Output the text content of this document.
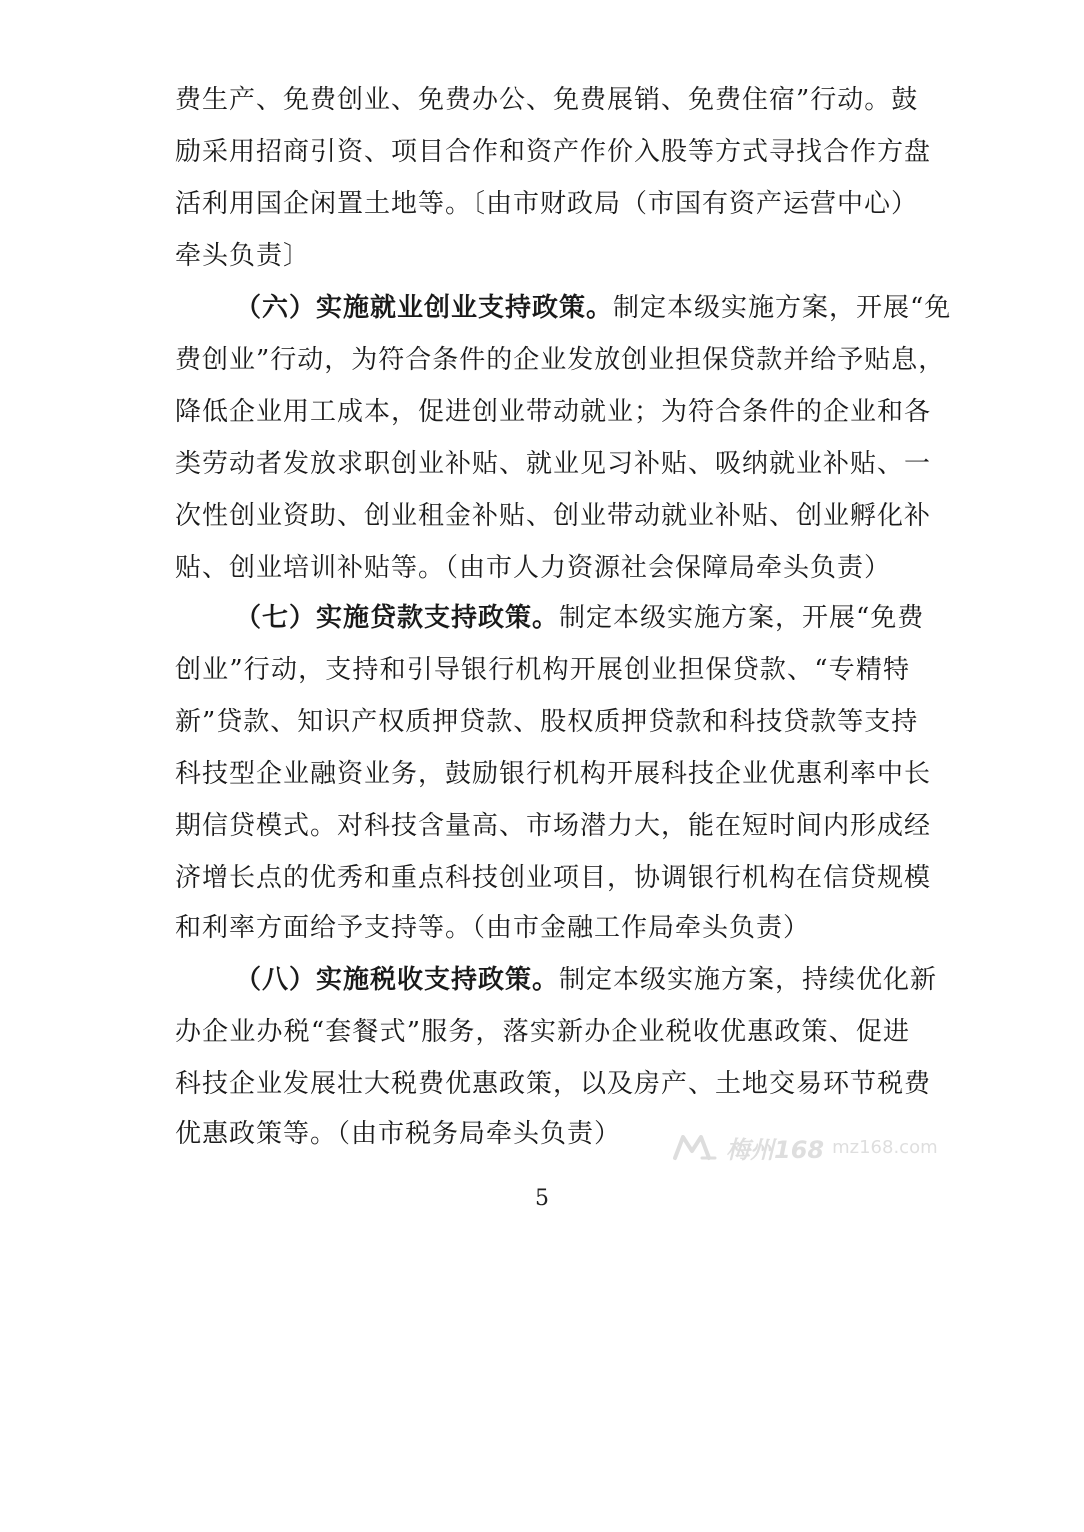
费生产、免费创业、免费办公、免费展销、免费住宿”行动。鼓
励采用招商引资、项目合作和资产作价入股等方式寻找合作方盘
活利用国企闲置土地等。〔由市财政局（市国有资产运营中心）
牵头负责〕
（六）实施就业创业支持政策。制定本级实施方案，开展“免
费创业”行动，为符合条件的企业发放创业担保贷款并给予贴息，
降低企业用工成本，促进创业带动就业；为符合条件的企业和各
类劳动者发放求职创业补贴、就业见习补贴、吸纳就业补贴、一
次性创业资助、创业租金补贴、创业带动就业补贴、创业孵化补
贴、创业培训补贴等。（由市人力资源社会保障局牵头负责）
（七）实施贷款支持政策。制定本级实施方案，开展“免费
创业”行动，支持和引导银行机构开展创业担保贷款、“专精特
新”贷款、知识产权质押贷款、股权质押贷款和科技贷款等支持
科技型企业融资业务，鼓励银行机构开展科技企业优惠利率中长
期信贷模式。对科技含量高、市场潜力大，能在短时间内形成经
济增长点的优秀和重点科技创业项目，协调银行机构在信贷规模
和利率方面给予支持等。（由市金融工作局牵头负责）
（八）实施税收支持政策。制定本级实施方案，持续优化新
办企业办税“套餐式”服务，落实新办企业税收优惠政策、促进
科技企业发展壮大税费优惠政策，以及房产、土地交易环节税费
优惠政策等。（由市税务局牵头负责）
梅州168 mz168.com
5
